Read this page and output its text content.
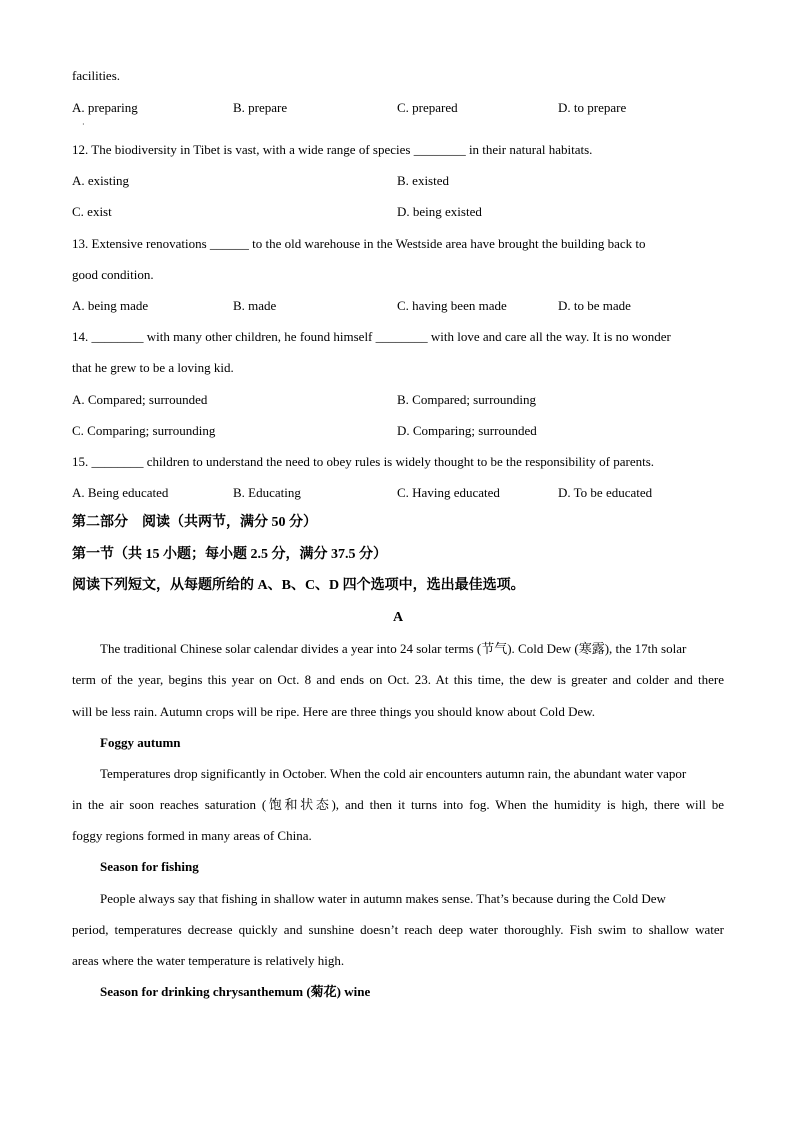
facilities.
A. preparing	B. prepare	C. prepared	D. to prepare
·
12. The biodiversity in Tibet is vast, with a wide range of species ________ in their natural habitats.
A. existing	B. existed
C. exist	D. being existed
13. Extensive renovations ______ to the old warehouse in the Westside area have brought the building back to
good condition.
A. being made	B. made	C. having been made	D. to be made
14. ________ with many other children, he found himself ________ with love and care all the way. It is no wonder
that he grew to be a loving kid.
A. Compared; surrounded	B. Compared; surrounding
C. Comparing; surrounding	D. Comparing; surrounded
15. ________ children to understand the need to obey rules is widely thought to be the responsibility of parents.
A. Being educated	B. Educating	C. Having educated	D. To be educated
第二部分　阅读（共两节，满分 50 分）
第一节（共 15 小题；每小题 2.5 分，满分 37.5 分）
阅读下列短文，从每题所给的 A、B、C、D 四个选项中，选出最佳选项。
A
The traditional Chinese solar calendar divides a year into 24 solar terms (节气). Cold Dew (寒露), the 17th solar
term of the year, begins this year on Oct. 8 and ends on Oct. 23. At this time, the dew is greater and colder and there
will be less rain. Autumn crops will be ripe. Here are three things you should know about Cold Dew.
Foggy autumn
Temperatures drop significantly in October. When the cold air encounters autumn rain, the abundant water vapor
in the air soon reaches saturation (饱和状态), and then it turns into fog. When the humidity is high, there will be
foggy regions formed in many areas of China.
Season for fishing
People always say that fishing in shallow water in autumn makes sense. That’s because during the Cold Dew
period, temperatures decrease quickly and sunshine doesn’t reach deep water thoroughly. Fish swim to shallow water
areas where the water temperature is relatively high.
Season for drinking chrysanthemum (菊花) wine
